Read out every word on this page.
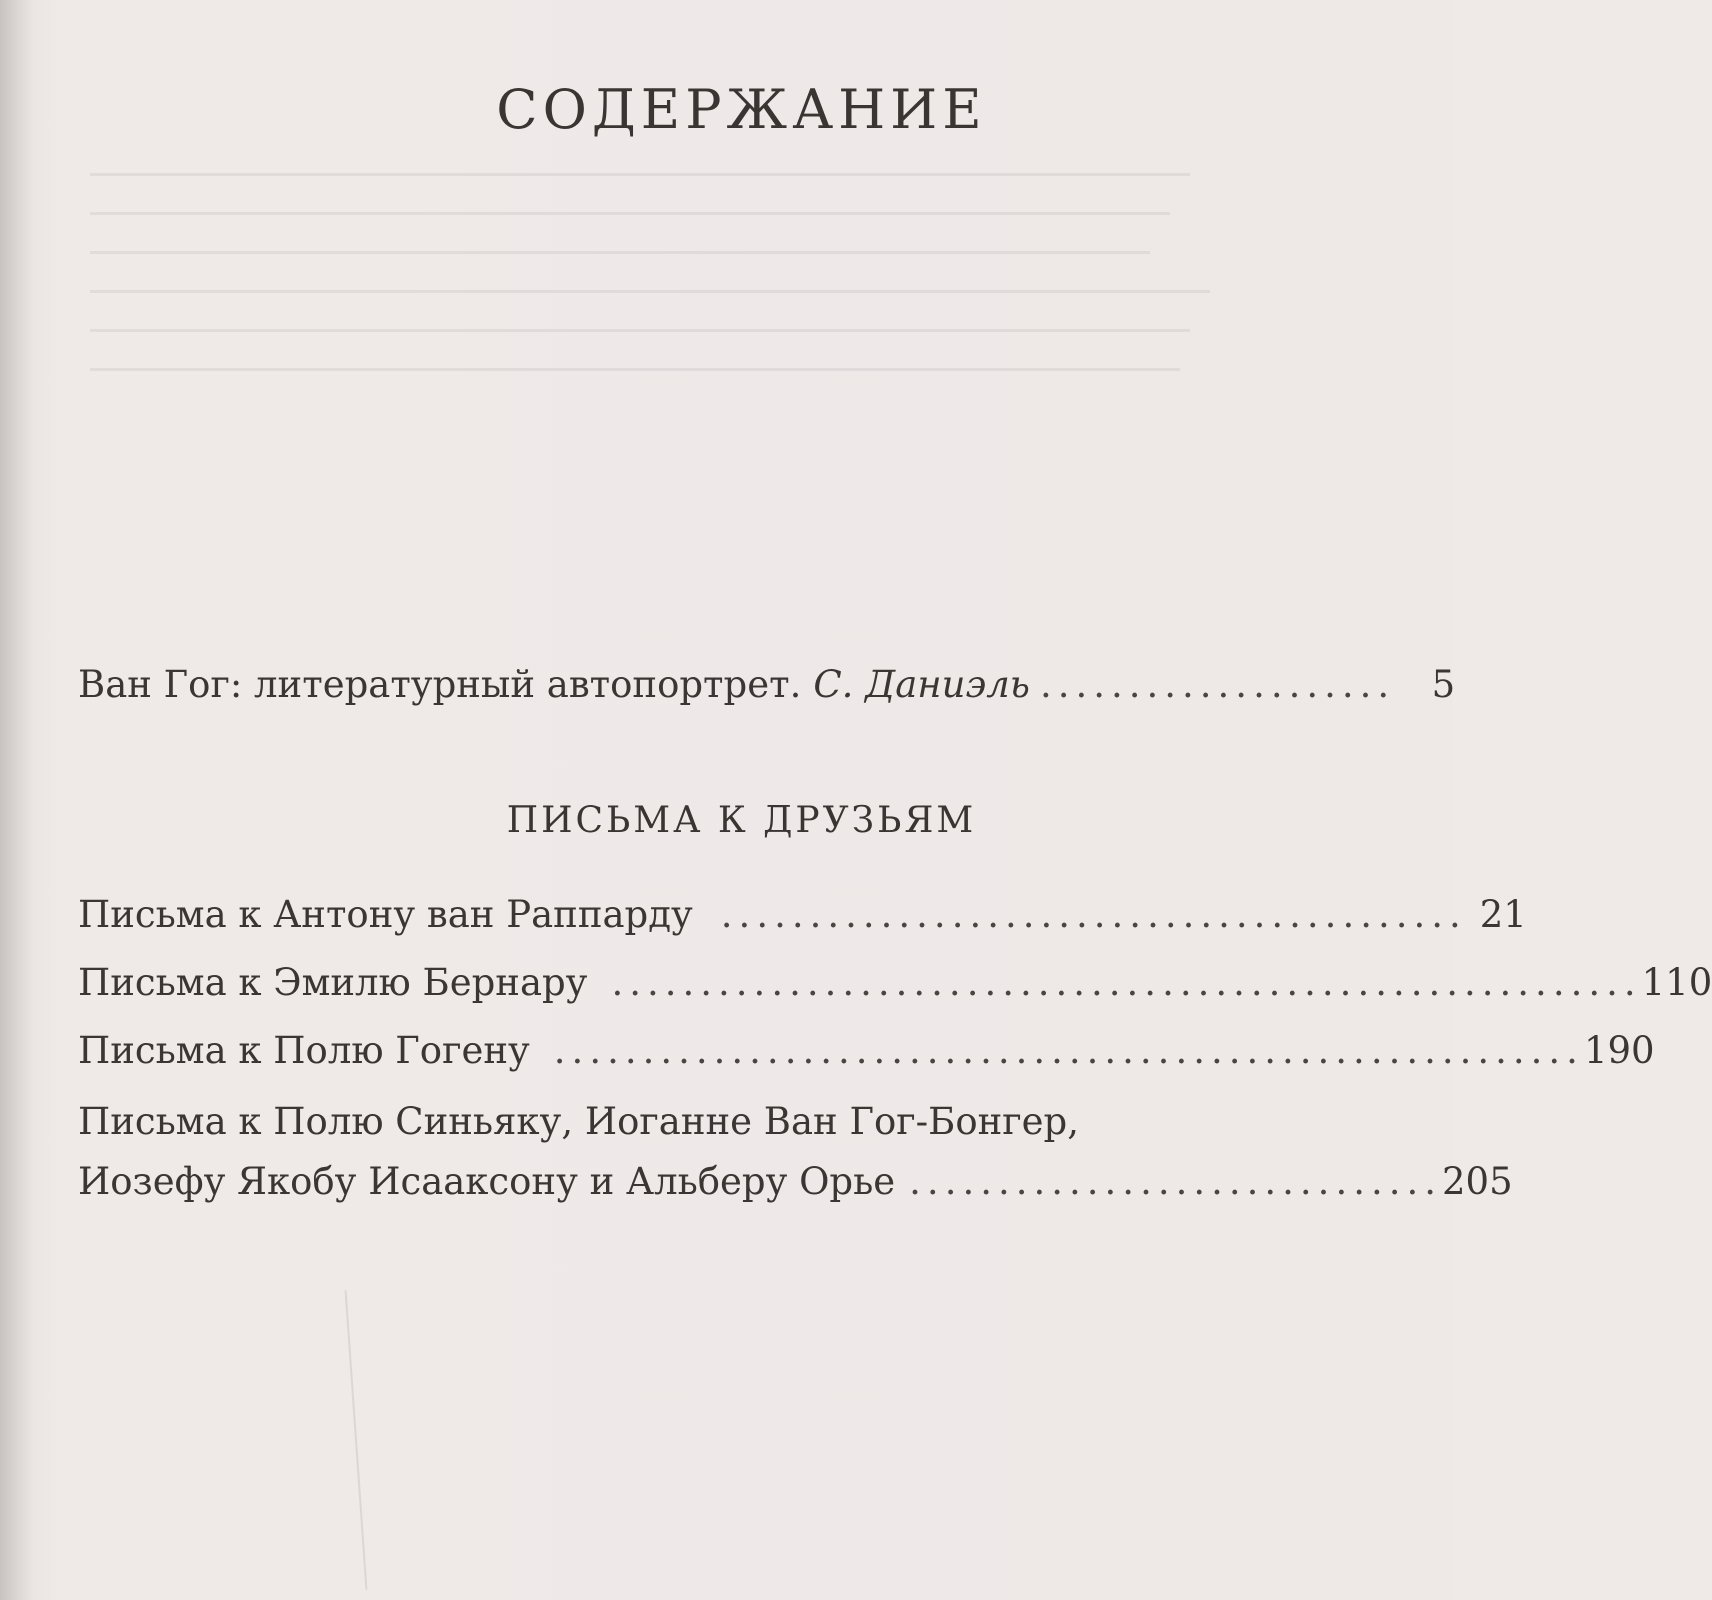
СОДЕРЖАНИЕ
Ван Гог: литературный автопортрет. С. Даниэль .................... 5
ПИСЬМА К ДРУЗЬЯМ
Письма к Антону ван Раппарду .......................................... 21
Письма к Эмилю Бернару .......................................................... 110
Письма к Полю Гогену .......................................................... 190
Письма к Полю Синьяку, Иоганне Ван Гог-Бонгер,
Иозефу Якобу Исааксону и Альберу Орье .............................. 205
